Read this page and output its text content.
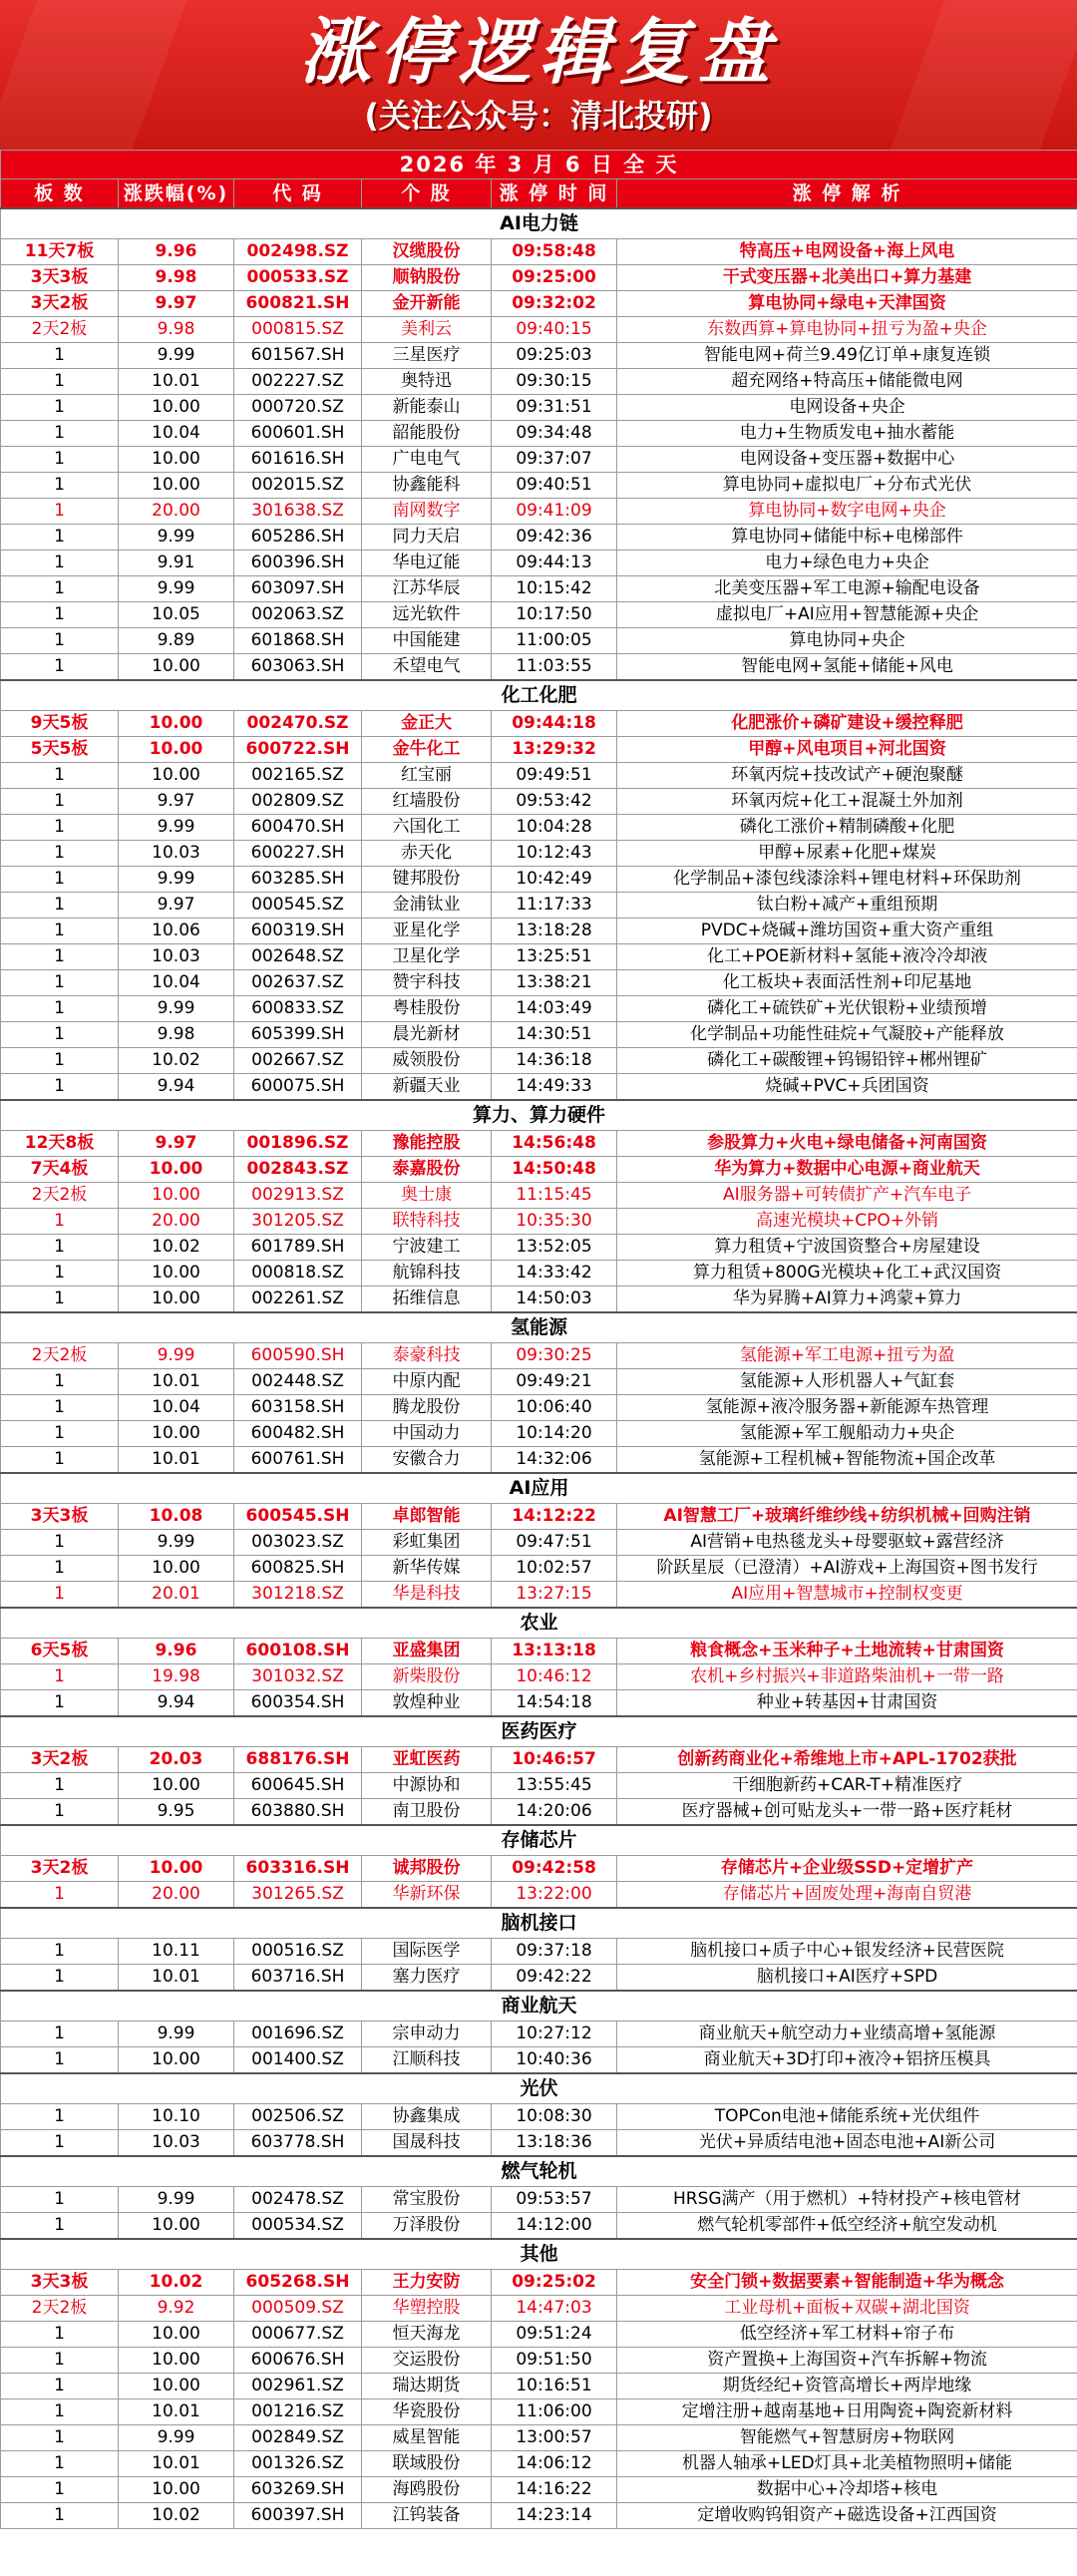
涨停逻辑复盘
(关注公众号：清北投研)
2026 年 3 月 6 日 全 天					
板 数	涨跌幅(%)	代 码	个 股	涨 停 时 间	涨 停 解 析
AI电力链					
11天7板	9.96	002498.SZ	汉缆股份	09:58:48	特高压+电网设备+海上风电
3天3板	9.98	000533.SZ	顺钠股份	09:25:00	干式变压器+北美出口+算力基建
3天2板	9.97	600821.SH	金开新能	09:32:02	算电协同+绿电+天津国资
2天2板	9.98	000815.SZ	美利云	09:40:15	东数西算+算电协同+扭亏为盈+央企
1	9.99	601567.SH	三星医疗	09:25:03	智能电网+荷兰9.49亿订单+康复连锁
1	10.01	002227.SZ	奥特迅	09:30:15	超充网络+特高压+储能微电网
1	10.00	000720.SZ	新能泰山	09:31:51	电网设备+央企
1	10.04	600601.SH	韶能股份	09:34:48	电力+生物质发电+抽水蓄能
1	10.00	601616.SH	广电电气	09:37:07	电网设备+变压器+数据中心
1	10.00	002015.SZ	协鑫能科	09:40:51	算电协同+虚拟电厂+分布式光伏
1	20.00	301638.SZ	南网数字	09:41:09	算电协同+数字电网+央企
1	9.99	605286.SH	同力天启	09:42:36	算电协同+储能中标+电梯部件
1	9.91	600396.SH	华电辽能	09:44:13	电力+绿色电力+央企
1	9.99	603097.SH	江苏华辰	10:15:42	北美变压器+军工电源+输配电设备
1	10.05	002063.SZ	远光软件	10:17:50	虚拟电厂+AI应用+智慧能源+央企
1	9.89	601868.SH	中国能建	11:00:05	算电协同+央企
1	10.00	603063.SH	禾望电气	11:03:55	智能电网+氢能+储能+风电
化工化肥					
9天5板	10.00	002470.SZ	金正大	09:44:18	化肥涨价+磷矿建设+缓控释肥
5天5板	10.00	600722.SH	金牛化工	13:29:32	甲醇+风电项目+河北国资
1	10.00	002165.SZ	红宝丽	09:49:51	环氧丙烷+技改试产+硬泡聚醚
1	9.97	002809.SZ	红墙股份	09:53:42	环氧丙烷+化工+混凝土外加剂
1	9.99	600470.SH	六国化工	10:04:28	磷化工涨价+精制磷酸+化肥
1	10.03	600227.SH	赤天化	10:12:43	甲醇+尿素+化肥+煤炭
1	9.99	603285.SH	键邦股份	10:42:49	化学制品+漆包线漆涂料+锂电材料+环保助剂
1	9.97	000545.SZ	金浦钛业	11:17:33	钛白粉+减产+重组预期
1	10.06	600319.SH	亚星化学	13:18:28	PVDC+烧碱+潍坊国资+重大资产重组
1	10.03	002648.SZ	卫星化学	13:25:51	化工+POE新材料+氢能+液冷冷却液
1	10.04	002637.SZ	赞宇科技	13:38:21	化工板块+表面活性剂+印尼基地
1	9.99	600833.SZ	粤桂股份	14:03:49	磷化工+硫铁矿+光伏银粉+业绩预增
1	9.98	605399.SH	晨光新材	14:30:51	化学制品+功能性硅烷+气凝胶+产能释放
1	10.02	002667.SZ	威领股份	14:36:18	磷化工+碳酸锂+钨锡铅锌+郴州锂矿
1	9.94	600075.SH	新疆天业	14:49:33	烧碱+PVC+兵团国资
算力、算力硬件					
12天8板	9.97	001896.SZ	豫能控股	14:56:48	参股算力+火电+绿电储备+河南国资
7天4板	10.00	002843.SZ	泰嘉股份	14:50:48	华为算力+数据中心电源+商业航天
2天2板	10.00	002913.SZ	奥士康	11:15:45	AI服务器+可转债扩产+汽车电子
1	20.00	301205.SZ	联特科技	10:35:30	高速光模块+CPO+外销
1	10.02	601789.SH	宁波建工	13:52:05	算力租赁+宁波国资整合+房屋建设
1	10.00	000818.SZ	航锦科技	14:33:42	算力租赁+800G光模块+化工+武汉国资
1	10.00	002261.SZ	拓维信息	14:50:03	华为昇腾+AI算力+鸿蒙+算力
氢能源					
2天2板	9.99	600590.SH	泰豪科技	09:30:25	氢能源+军工电源+扭亏为盈
1	10.01	002448.SZ	中原内配	09:49:21	氢能源+人形机器人+气缸套
1	10.04	603158.SH	腾龙股份	10:06:40	氢能源+液冷服务器+新能源车热管理
1	10.00	600482.SH	中国动力	10:14:20	氢能源+军工舰船动力+央企
1	10.01	600761.SH	安徽合力	14:32:06	氢能源+工程机械+智能物流+国企改革
AI应用					
3天3板	10.08	600545.SH	卓郎智能	14:12:22	AI智慧工厂+玻璃纤维纱线+纺织机械+回购注销
1	9.99	003023.SZ	彩虹集团	09:47:51	AI营销+电热毯龙头+母婴驱蚊+露营经济
1	10.00	600825.SH	新华传媒	10:02:57	阶跃星辰（已澄清）+AI游戏+上海国资+图书发行
1	20.01	301218.SZ	华是科技	13:27:15	AI应用+智慧城市+控制权变更
农业					
6天5板	9.96	600108.SH	亚盛集团	13:13:18	粮食概念+玉米种子+土地流转+甘肃国资
1	19.98	301032.SZ	新柴股份	10:46:12	农机+乡村振兴+非道路柴油机+一带一路
1	9.94	600354.SH	敦煌种业	14:54:18	种业+转基因+甘肃国资
医药医疗					
3天2板	20.03	688176.SH	亚虹医药	10:46:57	创新药商业化+希维地上市+APL-1702获批
1	10.00	600645.SH	中源协和	13:55:45	干细胞新药+CAR-T+精准医疗
1	9.95	603880.SH	南卫股份	14:20:06	医疗器械+创可贴龙头+一带一路+医疗耗材
存储芯片					
3天2板	10.00	603316.SH	诚邦股份	09:42:58	存储芯片+企业级SSD+定增扩产
1	20.00	301265.SZ	华新环保	13:22:00	存储芯片+固废处理+海南自贸港
脑机接口					
1	10.11	000516.SZ	国际医学	09:37:18	脑机接口+质子中心+银发经济+民营医院
1	10.01	603716.SH	塞力医疗	09:42:22	脑机接口+AI医疗+SPD
商业航天					
1	9.99	001696.SZ	宗申动力	10:27:12	商业航天+航空动力+业绩高增+氢能源
1	10.00	001400.SZ	江顺科技	10:40:36	商业航天+3D打印+液冷+铝挤压模具
光伏					
1	10.10	002506.SZ	协鑫集成	10:08:30	TOPCon电池+储能系统+光伏组件
1	10.03	603778.SH	国晟科技	13:18:36	光伏+异质结电池+固态电池+AI新公司
燃气轮机					
1	9.99	002478.SZ	常宝股份	09:53:57	HRSG满产（用于燃机）+特材投产+核电管材
1	10.00	000534.SZ	万泽股份	14:12:00	燃气轮机零部件+低空经济+航空发动机
其他					
3天3板	10.02	605268.SH	王力安防	09:25:02	安全门锁+数据要素+智能制造+华为概念
2天2板	9.92	000509.SZ	华塑控股	14:47:03	工业母机+面板+双碳+湖北国资
1	10.00	000677.SZ	恒天海龙	09:51:24	低空经济+军工材料+帘子布
1	10.00	600676.SH	交运股份	09:51:50	资产置换+上海国资+汽车拆解+物流
1	10.00	002961.SZ	瑞达期货	10:16:51	期货经纪+资管高增长+两岸地缘
1	10.01	001216.SZ	华瓷股份	11:06:00	定增注册+越南基地+日用陶瓷+陶瓷新材料
1	9.99	002849.SZ	威星智能	13:00:57	智能燃气+智慧厨房+物联网
1	10.01	001326.SZ	联域股份	14:06:12	机器人轴承+LED灯具+北美植物照明+储能
1	10.00	603269.SH	海鸥股份	14:16:22	数据中心+冷却塔+核电
1	10.02	600397.SH	江钨装备	14:23:14	定增收购钨钼资产+磁选设备+江西国资
